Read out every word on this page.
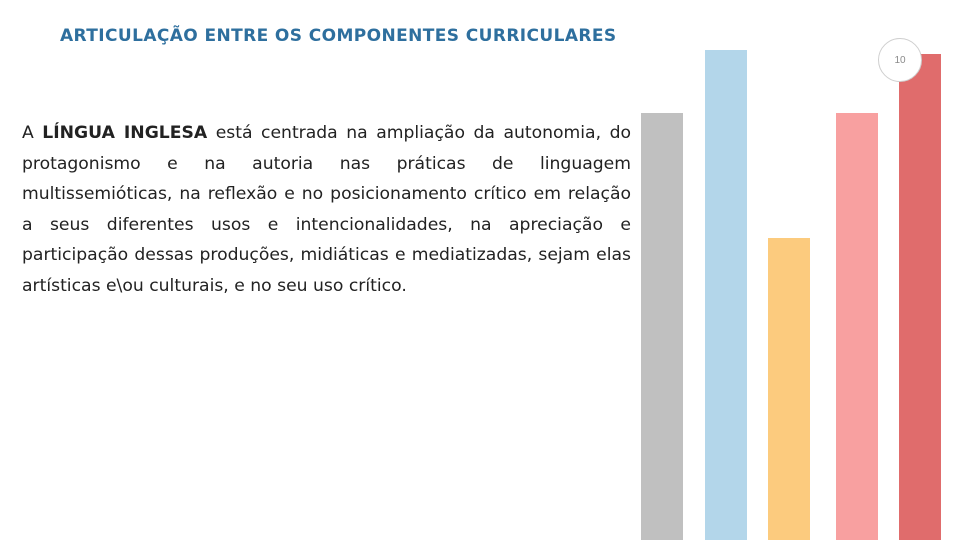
ARTICULAÇÃO ENTRE OS COMPONENTES CURRICULARES
10

A LÍNGUA INGLESA está centrada na ampliação da autonomia, do protagonismo e na autoria nas práticas de linguagem multissemióticas, na reflexão e no posicionamento crítico em relação a seus diferentes usos e intencionalidades, na apreciação e participação dessas produções, midiáticas e mediatizadas, sejam elas artísticas e\ou culturais, e no seu uso crítico.
